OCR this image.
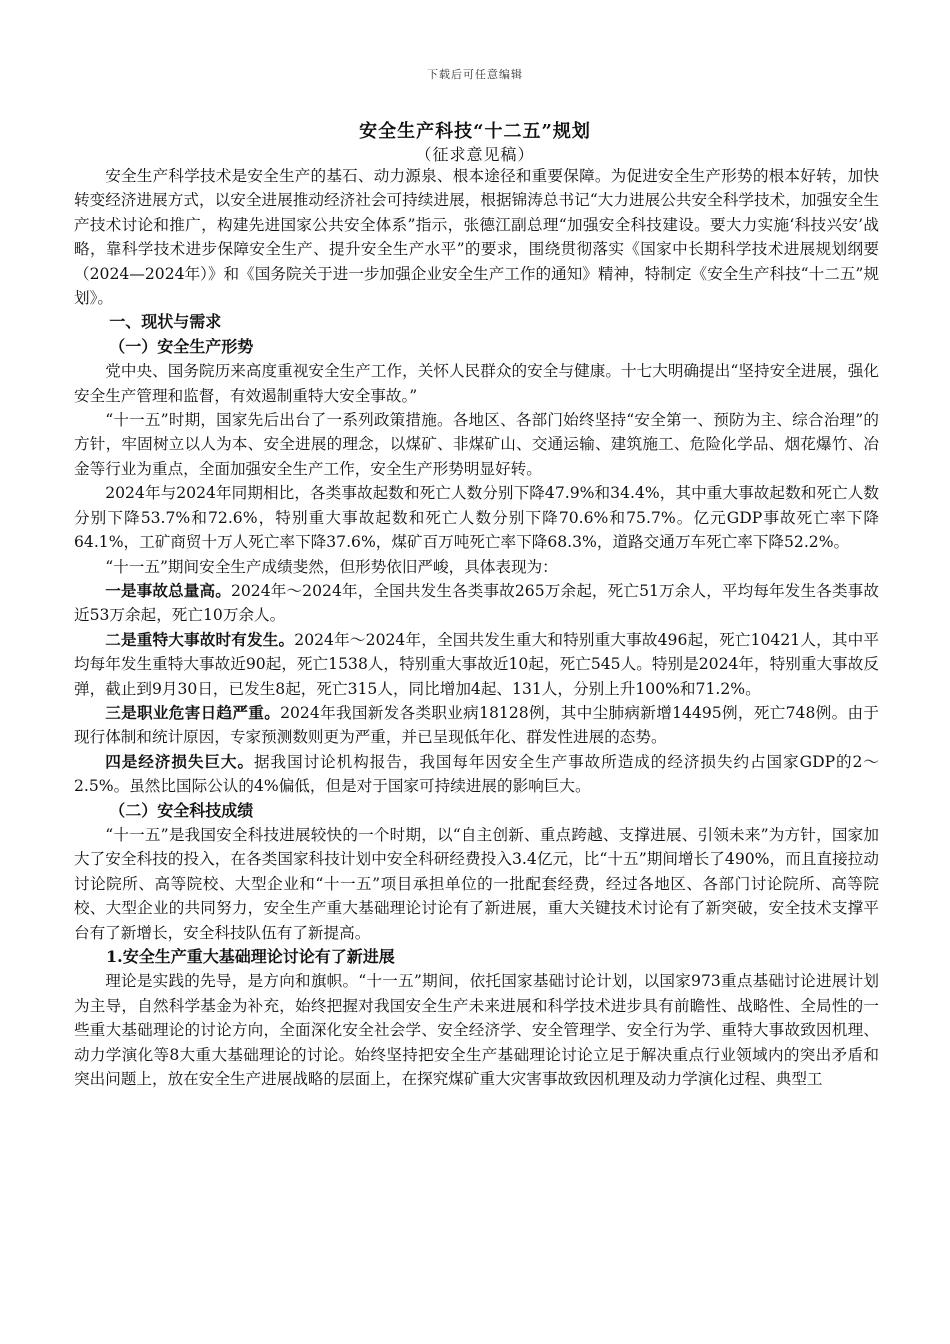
下载后可任意编辑
安全生产科技“十二五”规划
（征求意见稿）

安全生产科学技术是安全生产的基石、动力源泉、根本途径和重要保障。为促进安全生产形势的根本好转，加快转变经济进展方式，以安全进展推动经济社会可持续进展，根据锦涛总书记“大力进展公共安全科学技术，加强安全生产技术讨论和推广，构建先进国家公共安全体系”指示，张德江副总理“加强安全科技建设。要大力实施‘科技兴安’战略，靠科学技术进步保障安全生产、提升安全生产水平”的要求，围绕贯彻落实《国家中长期科学技术进展规划纲要（2024—2024年）》和《国务院关于进一步加强企业安全生产工作的通知》精神，特制定《安全生产科技“十二五”规划》。

一、现状与需求

（一）安全生产形势

党中央、国务院历来高度重视安全生产工作，关怀人民群众的安全与健康。十七大明确提出“坚持安全进展，强化安全生产管理和监督，有效遏制重特大安全事故。”

“十一五”时期，国家先后出台了一系列政策措施。各地区、各部门始终坚持“安全第一、预防为主、综合治理”的方针，牢固树立以人为本、安全进展的理念，以煤矿、非煤矿山、交通运输、建筑施工、危险化学品、烟花爆竹、冶金等行业为重点，全面加强安全生产工作，安全生产形势明显好转。

2024年与2024年同期相比，各类事故起数和死亡人数分别下降47.9%和34.4%，其中重大事故起数和死亡人数分别下降53.7%和72.6%，特别重大事故起数和死亡人数分别下降70.6%和75.7%。亿元GDP事故死亡率下降64.1%，工矿商贸十万人死亡率下降37.6%，煤矿百万吨死亡率下降68.3%，道路交通万车死亡率下降52.2%。

“十一五”期间安全生产成绩斐然，但形势依旧严峻，具体表现为：

一是事故总量高。2024年～2024年，全国共发生各类事故265万余起，死亡51万余人，平均每年发生各类事故近53万余起，死亡10万余人。

二是重特大事故时有发生。2024年～2024年，全国共发生重大和特别重大事故496起，死亡10421人，其中平均每年发生重特大事故近90起，死亡1538人，特别重大事故近10起，死亡545人。特别是2024年，特别重大事故反弹，截止到9月30日，已发生8起，死亡315人，同比增加4起、131人，分别上升100%和71.2%。

三是职业危害日趋严重。2024年我国新发各类职业病18128例，其中尘肺病新增14495例，死亡748例。由于现行体制和统计原因，专家预测数则更为严重，并已呈现低年化、群发性进展的态势。

四是经济损失巨大。据我国讨论机构报告，我国每年因安全生产事故所造成的经济损失约占国家GDP的2～2.5%。虽然比国际公认的4%偏低，但是对于国家可持续进展的影响巨大。

（二）安全科技成绩

“十一五”是我国安全科技进展较快的一个时期，以“自主创新、重点跨越、支撑进展、引领未来”为方针，国家加大了安全科技的投入，在各类国家科技计划中安全科研经费投入3.4亿元，比“十五”期间增长了490%，而且直接拉动讨论院所、高等院校、大型企业和“十一五”项目承担单位的一批配套经费，经过各地区、各部门讨论院所、高等院校、大型企业的共同努力，安全生产重大基础理论讨论有了新进展，重大关键技术讨论有了新突破，安全技术支撑平台有了新增长，安全科技队伍有了新提高。

1.安全生产重大基础理论讨论有了新进展

理论是实践的先导，是方向和旗帜。“十一五”期间，依托国家基础讨论计划，以国家973重点基础讨论进展计划为主导，自然科学基金为补充，始终把握对我国安全生产未来进展和科学技术进步具有前瞻性、战略性、全局性的一些重大基础理论的讨论方向，全面深化安全社会学、安全经济学、安全管理学、安全行为学、重特大事故致因机理、动力学演化等8大重大基础理论的讨论。始终坚持把安全生产基础理论讨论立足于解决重点行业领域内的突出矛盾和突出问题上，放在安全生产进展战略的层面上，在探究煤矿重大灾害事故致因机理及动力学演化过程、典型工
